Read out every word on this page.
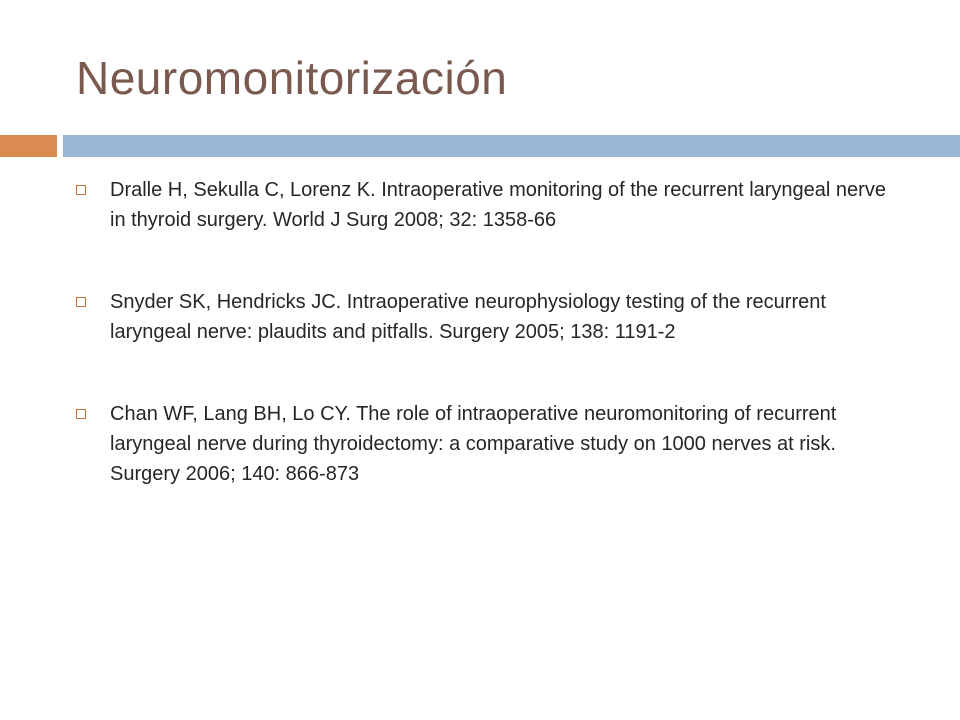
Neuromonitorización
Dralle H, Sekulla C, Lorenz K. Intraoperative monitoring of the recurrent laryngeal nerve in thyroid surgery. World J Surg 2008; 32: 1358-66
Snyder SK, Hendricks JC. Intraoperative neurophysiology testing of the recurrent laryngeal nerve: plaudits and pitfalls. Surgery 2005; 138: 1191-2
Chan WF, Lang BH, Lo CY. The role of intraoperative neuromonitoring of recurrent laryngeal nerve during thyroidectomy: a comparative study on 1000 nerves at risk. Surgery 2006; 140: 866-873
